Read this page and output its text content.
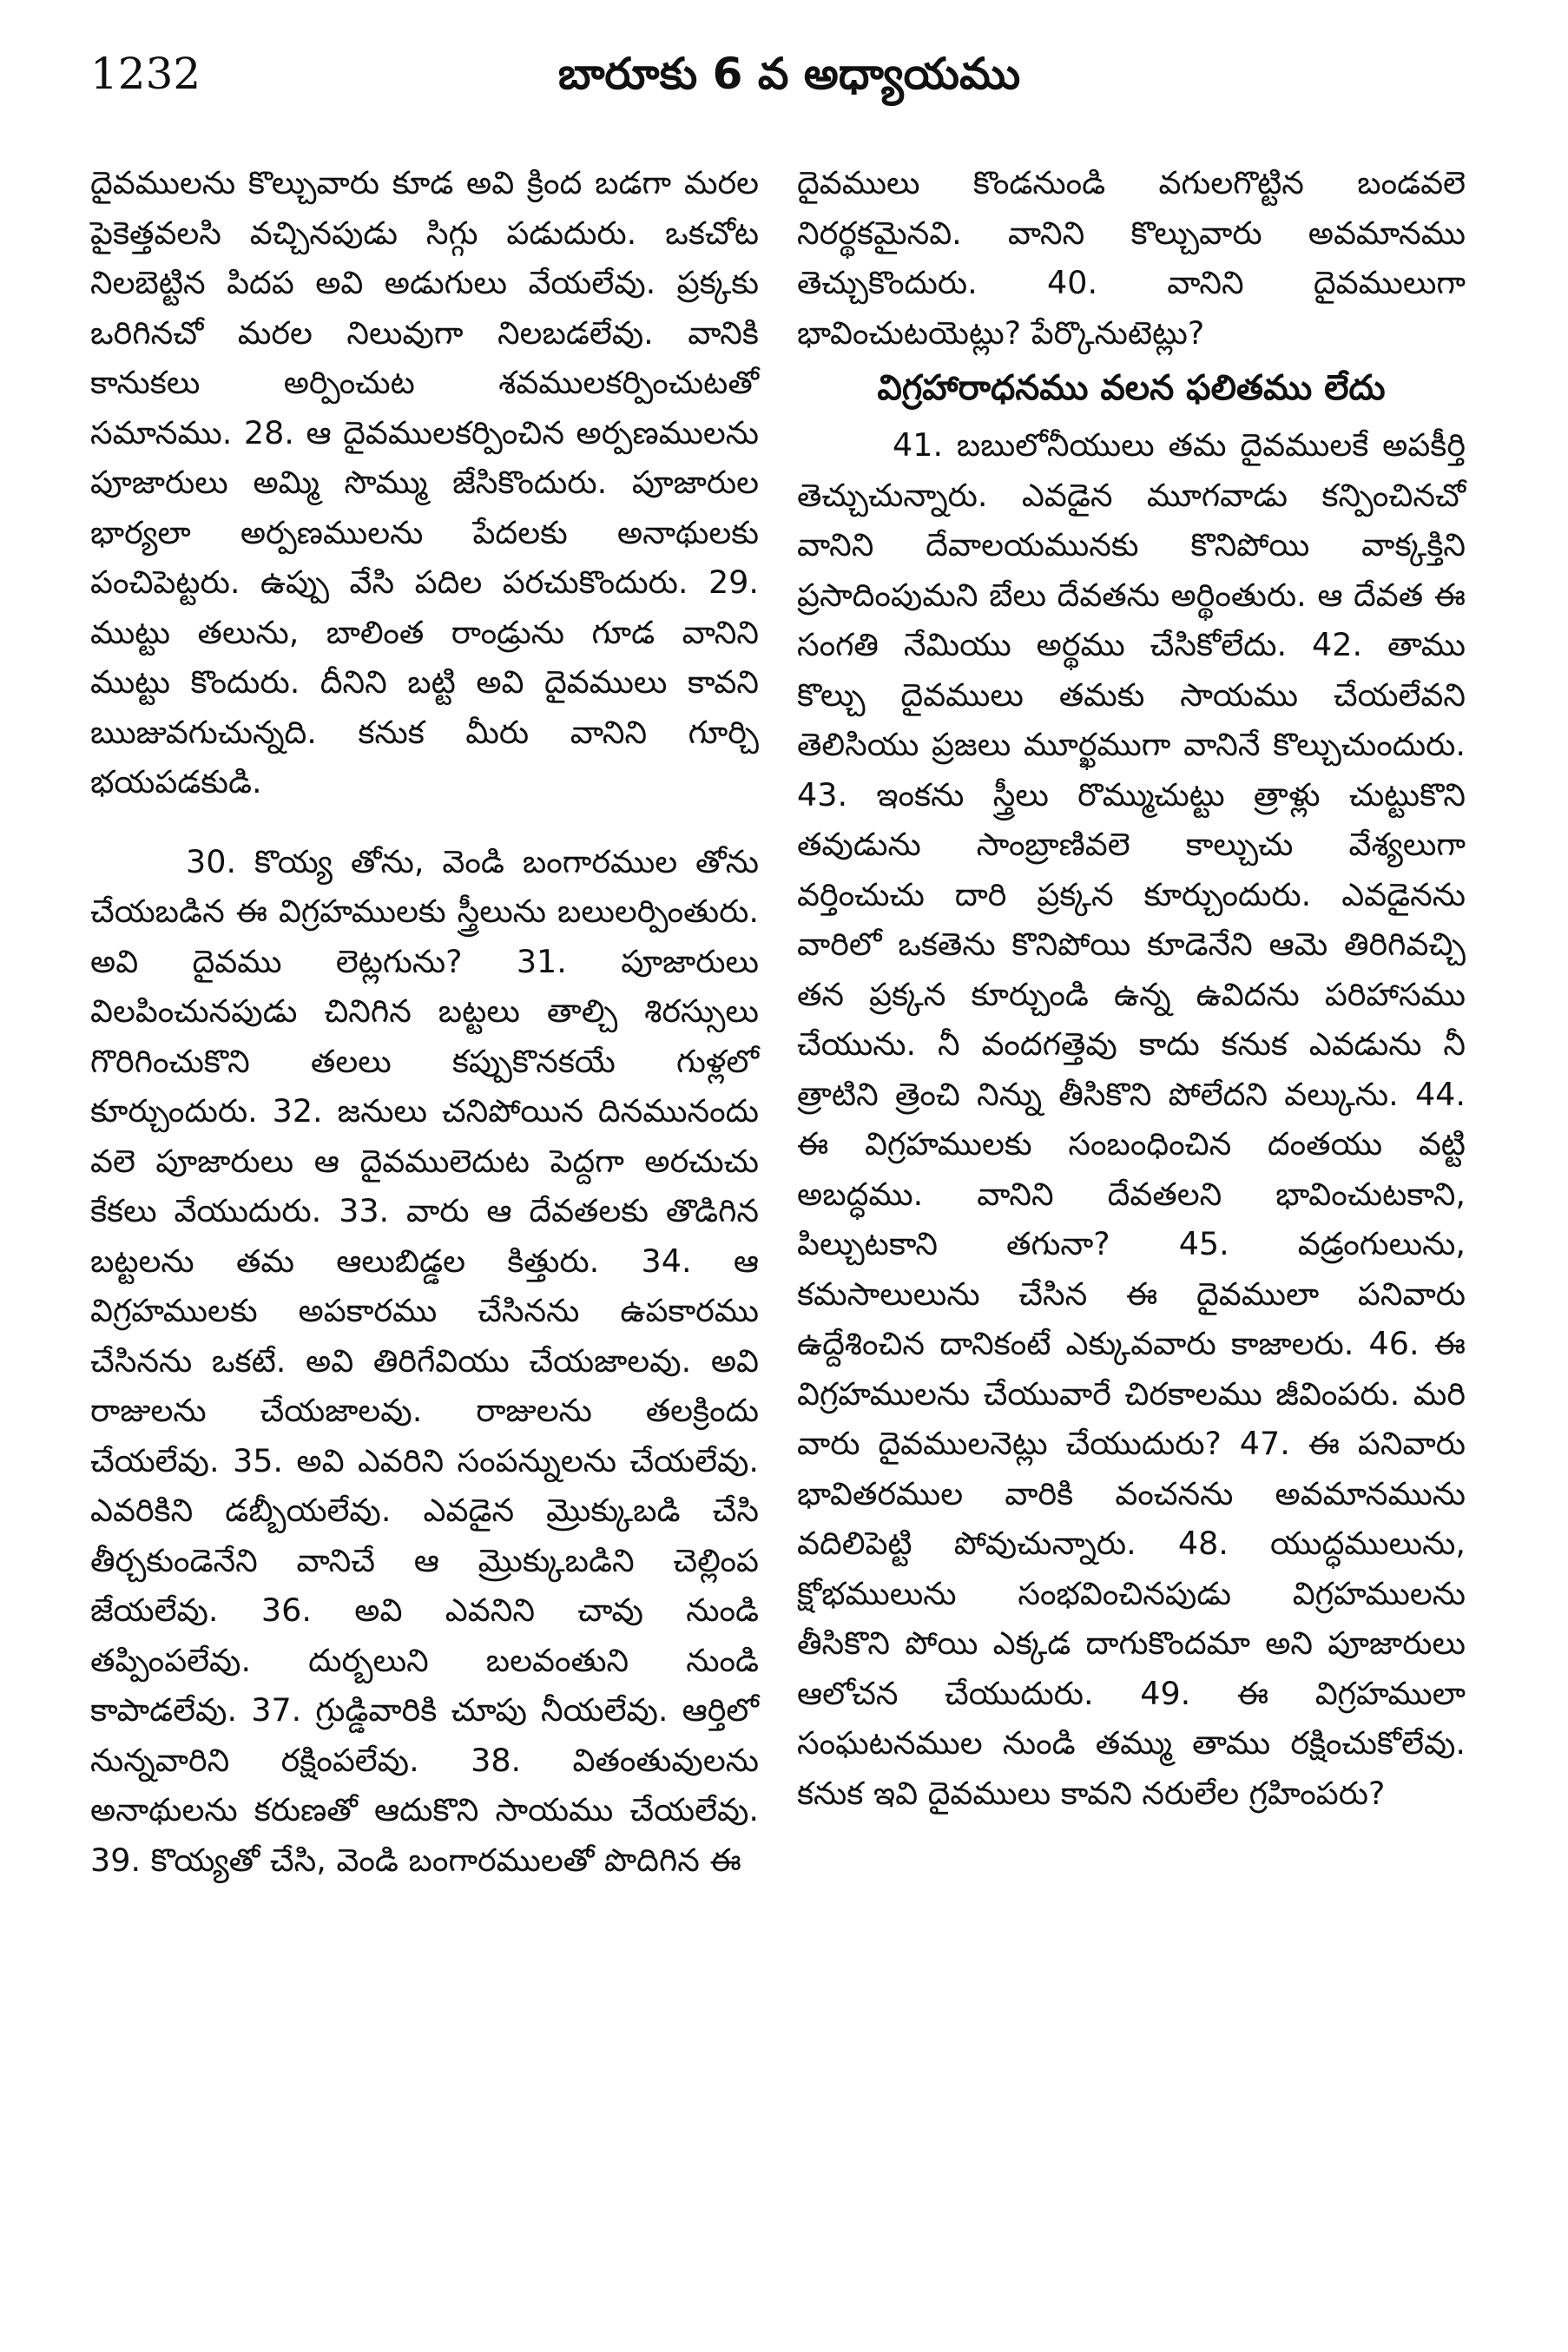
1232	బారూకు 6 వ అధ్యాయము

దైవములను కొల్చువారు కూడ అవి క్రింద బడగా మరల పైకెత్తవలసి వచ్చినపుడు సిగ్గు పడుదురు. ఒకచోట నిలబెట్టిన పిదప అవి అడుగులు వేయలేవు. ప్రక్కకు ఒరిగినచో మరల నిలువుగా నిలబడలేవు. వానికి కానుకలు అర్పించుట శవములకర్పించుటతో సమానము. 28. ఆ దైవములకర్పించిన అర్పణములను పూజారులు అమ్మి సొమ్ము జేసికొందురు. పూజారుల భార్యలా అర్పణములను పేదలకు అనాథులకు పంచిపెట్టరు. ఉప్పు వేసి పదిల పరచుకొందురు. 29. ముట్టు తలును, బాలింత రాండ్రును గూడ వానిని ముట్టు కొందురు. దీనిని బట్టి అవి దైవములు కావని ఋజువగుచున్నది. కనుక మీరు వానిని గూర్చి భయపడకుడి.

30. కొయ్య తోను, వెండి బంగారముల తోను చేయబడిన ఈ విగ్రహములకు స్త్రీలును బలులర్పింతురు. అవి దైవము లెట్లగును? 31. పూజారులు విలపించునపుడు చినిగిన బట్టలు తాల్చి శిరస్సులు గొరిగించుకొని తలలు కప్పుకొనకయే గుళ్లలో కూర్చుందురు. 32. జనులు చనిపోయిన దినమునందు వలె పూజారులు ఆ దైవములెదుట పెద్దగా అరచుచు కేకలు వేయుదురు. 33. వారు ఆ దేవతలకు తొడిగిన బట్టలను తమ ఆలుబిడ్డల కిత్తురు. 34. ఆ విగ్రహములకు అపకారము చేసినను ఉపకారము చేసినను ఒకటే. అవి తిరిగేవియు చేయజాలవు. అవి రాజులను చేయజాలవు. రాజులను తలక్రిందు చేయలేవు. 35. అవి ఎవరిని సంపన్నులను చేయలేవు. ఎవరికిని డబ్బీయలేవు. ఎవడైన మ్రొక్కుబడి చేసి తీర్చకుండెనేని వానిచే ఆ మ్రొక్కుబడిని చెల్లింప జేయలేవు. 36. అవి ఎవనిని చావు నుండి తప్పింపలేవు. దుర్బలుని బలవంతుని నుండి కాపాడలేవు. 37. గ్రుడ్డివారికి చూపు నీయలేవు. ఆర్తిలో నున్నవారిని రక్షింపలేవు. 38. వితంతువులను అనాథులను కరుణతో ఆదుకొని సాయము చేయలేవు. 39. కొయ్యతో చేసి, వెండి బంగారములతో పొదిగిన ఈ

దైవములు కొండనుండి వగులగొట్టిన బండవలె నిరర్థకమైనవి. వానిని కొల్చువారు అవమానము తెచ్చుకొందురు. 40. వానిని దైవములుగా భావించుటయెట్లు? పేర్కొనుటెట్లు?

విగ్రహారాధనము వలన ఫలితము లేదు

41. బబులోనీయులు తమ దైవములకే అపకీర్తి తెచ్చుచున్నారు. ఎవడైన మూగవాడు కన్పించినచో వానిని దేవాలయమునకు కొనిపోయి వాక్కక్తిని ప్రసాదింపుమని బేలు దేవతను అర్థింతురు. ఆ దేవత ఈ సంగతి నేమియు అర్థము చేసికోలేదు. 42. తాము కొల్చు దైవములు తమకు సాయము చేయలేవని తెలిసియు ప్రజలు మూర్ఖముగా వానినే కొల్చుచుందురు. 43. ఇంకను స్త్రీలు రొమ్ముచుట్టు త్రాళ్లు చుట్టుకొని తవుడును సాంబ్రాణివలె కాల్చుచు వేశ్యలుగా వర్తించుచు దారి ప్రక్కన కూర్చుందురు. ఎవడైనను వారిలో ఒకతెను కొనిపోయి కూడెనేని ఆమె తిరిగివచ్చి తన ప్రక్కన కూర్చుండి ఉన్న ఉవిదను పరిహాసము చేయును. నీ వందగత్తెవు కాదు కనుక ఎవడును నీ త్రాటిని త్రెంచి నిన్ను తీసికొని పోలేదని వల్కును. 44. ఈ విగ్రహములకు సంబంధించిన దంతయు వట్టి అబద్ధము. వానిని దేవతలని భావించుటకాని, పిల్చుటకాని తగునా? 45. వడ్రంగులును, కమసాలులును చేసిన ఈ దైవములా పనివారు ఉద్దేశించిన దానికంటే ఎక్కువవారు కాజాలరు. 46. ఈ విగ్రహములను చేయువారే చిరకాలము జీవింపరు. మరి వారు దైవములనెట్లు చేయుదురు? 47. ఈ పనివారు భావితరముల వారికి వంచనను అవమానమును వదిలిపెట్టి పోవుచున్నారు. 48. యుద్ధములును, క్షోభములును సంభవించినపుడు విగ్రహములను తీసికొని పోయి ఎక్కడ దాగుకొందమా అని పూజారులు ఆలోచన చేయుదురు. 49. ఈ విగ్రహములా సంఘటనముల నుండి తమ్ము తాము రక్షించుకోలేవు. కనుక ఇవి దైవములు కావని నరులేల గ్రహింపరు?
